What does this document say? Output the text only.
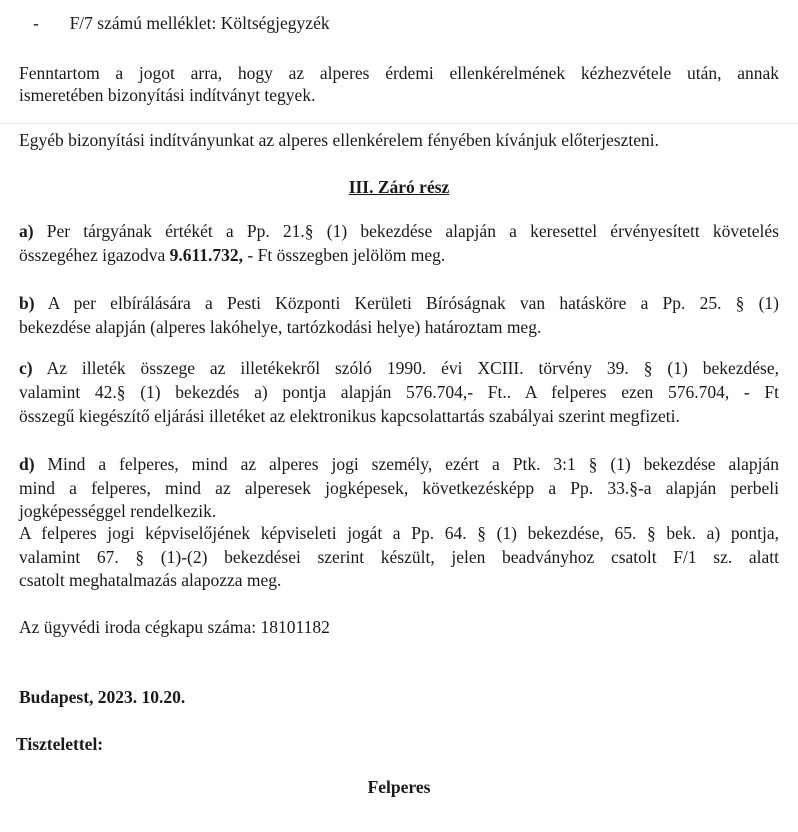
- F/7 számú melléklet: Költségjegyzék
Fenntartom a jogot arra, hogy az alperes érdemi ellenkérelmének kézhezvétele után, annak
ismeretében bizonyítási indítványt tegyek.
Egyéb bizonyítási indítványunkat az alperes ellenkérelem fényében kívánjuk előterjeszteni.
III. Záró rész
a) Per tárgyának értékét a Pp. 21.§ (1) bekezdése alapján a keresettel érvényesített követelés
összegéhez igazodva 9.611.732, - Ft összegben jelölöm meg.
b) A per elbírálására a Pesti Központi Kerületi Bíróságnak van hatásköre a Pp. 25. § (1)
bekezdése alapján (alperes lakóhelye, tartózkodási helye) határoztam meg.
c) Az illeték összege az illetékekről szóló 1990. évi XCIII. törvény 39. § (1) bekezdése,
valamint 42.§ (1) bekezdés a) pontja alapján 576.704,- Ft.. A felperes ezen 576.704, - Ft
összegű kiegészítő eljárási illetéket az elektronikus kapcsolattartás szabályai szerint megfizeti.
d) Mind a felperes, mind az alperes jogi személy, ezért a Ptk. 3:1 § (1) bekezdése alapján
mind a felperes, mind az alperesek jogképesek, következésképp a Pp. 33.§-a alapján perbeli
jogképességgel rendelkezik.
A felperes jogi képviselőjének képviseleti jogát a Pp. 64. § (1) bekezdése, 65. § bek. a) pontja,
valamint 67. § (1)-(2) bekezdései szerint készült, jelen beadványhoz csatolt F/1 sz. alatt
csatolt meghatalmazás alapozza meg.
Az ügyvédi iroda cégkapu száma: 18101182
Budapest, 2023. 10.20.
Tisztelettel:
Felperes
